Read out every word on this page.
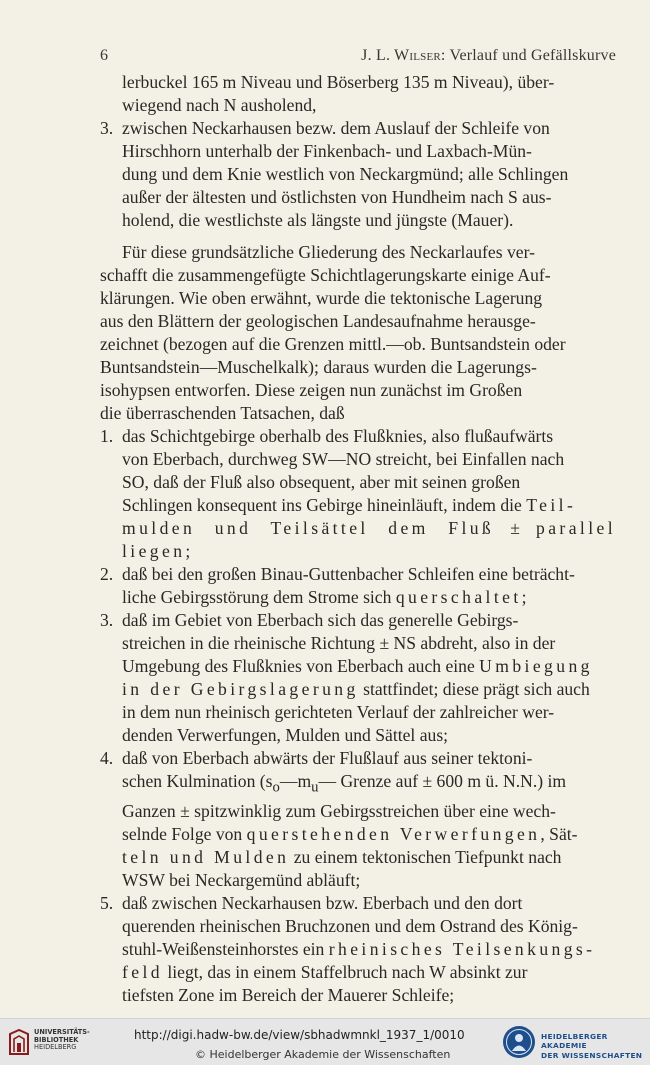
6	J. L. Wilser: Verlauf und Gefällskurve

lerbuckel 165 m Niveau und Böserberg 135 m Niveau), über-
wiegend nach N ausholend,

3. zwischen Neckarhausen bezw. dem Auslauf der Schleife von
Hirschhorn unterhalb der Finkenbach- und Laxbach-Mün-
dung und dem Knie westlich von Neckargmünd; alle Schlingen
außer der ältesten und östlichsten von Hundheim nach S aus-
holend, die westlichste als längste und jüngste (Mauer).

Für diese grundsätzliche Gliederung des Neckarlaufes ver-
schafft die zusammengefügte Schichtlagerungskarte einige Auf-
klärungen. Wie oben erwähnt, wurde die tektonische Lagerung
aus den Blättern der geologischen Landesaufnahme herausge-
zeichnet (bezogen auf die Grenzen mittl.—ob. Buntsandstein oder
Buntsandstein—Muschelkalk); daraus wurden die Lagerungs-
isohypsen entworfen. Diese zeigen nun zunächst im Großen
die überraschenden Tatsachen, daß

1. das Schichtgebirge oberhalb des Flußknies, also flußaufwärts
von Eberbach, durchweg SW—NO streicht, bei Einfallen nach
SO, daß der Fluß also obsequent, aber mit seinen großen
Schlingen konsequent ins Gebirge hineinläuft, indem die Teil-
mulden und Teilsättel dem Fluß ± parallel liegen;

2. daß bei den großen Binau-Guttenbacher Schleifen eine beträcht-
liche Gebirgsstörung dem Strome sich querschaltet;

3. daß im Gebiet von Eberbach sich das generelle Gebirgs-
streichen in die rheinische Richtung ± NS abdreht, also in der
Umgebung des Flußknies von Eberbach auch eine Umbiegung
in der Gebirgslagerung stattfindet; diese prägt sich auch
in dem nun rheinisch gerichteten Verlauf der zahlreicher wer-
denden Verwerfungen, Mulden und Sättel aus;

4. daß von Eberbach abwärts der Flußlauf aus seiner tektoni-
schen Kulmination ($s_o—m_u—$ Grenze auf ± 600 m ü. N.N.) im
Ganzen ± spitzwinklig zum Gebirgsstreichen über eine wech-
selnde Folge von querstehenden Verwerfungen, Sät-
teln und Mulden zu einem tektonischen Tiefpunkt nach
WSW bei Neckargemünd abläuft;

5. daß zwischen Neckarhausen bzw. Eberbach und den dort
querenden rheinischen Bruchzonen und dem Ostrand des König-
stuhl-Weißensteinhorstes ein rheinisches Teilsenkungs-
feld liegt, das in einem Staffelbruch nach W absinkt zur
tiefsten Zone im Bereich der Mauerer Schleife;

UNIVERSITÄTS-
BIBLIOTHEK
HEIDELBERG
http://digi.hadw-bw.de/view/sbhadwmnkl_1937_1/0010
© Heidelberger Akademie der Wissenschaften
HEIDELBERGER AKADEMIE
DER WISSENSCHAFTEN
